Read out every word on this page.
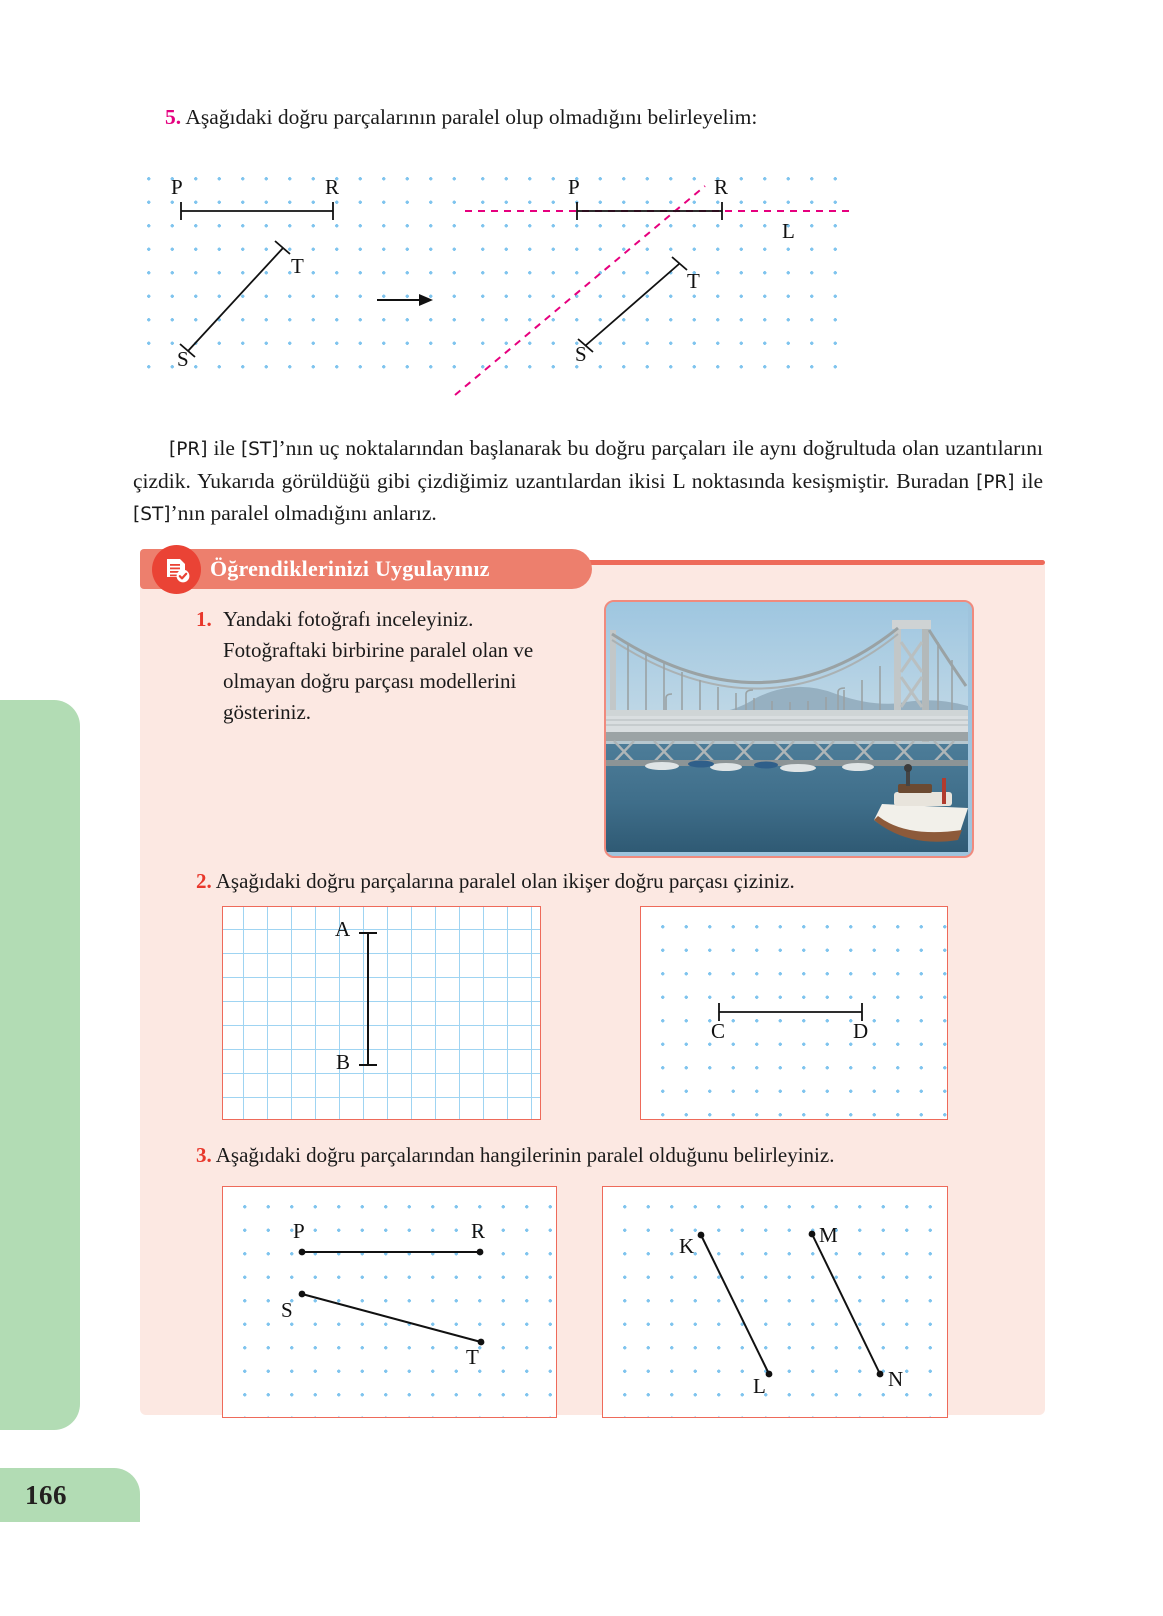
166
5. Aşağıdaki doğru parçalarının paralel olup olmadığını belirleyelim:
P	R
T
S
P	R
T
S
L
[PR] ile [ST]’nın uç noktalarından başlanarak bu doğru parçaları ile aynı doğrultuda olan uzantılarını çizdik. Yukarıda görüldüğü gibi çizdiğimiz uzantılardan ikisi L noktasında kesişmiştir. Buradan [PR] ile [ST]’nın paralel olmadığını anlarız.
Öğrendiklerinizi Uygulayınız
1. Yandaki fotoğrafı inceleyiniz. Fotoğraftaki birbirine paralel olan ve olmayan doğru parçası modellerini gösteriniz.
2. Aşağıdaki doğru parçalarına paralel olan ikişer doğru parçası çiziniz.
A
B
C	D
3. Aşağıdaki doğru parçalarından hangilerinin paralel olduğunu belirleyiniz.
P	R
S
T
K	M
L	N
